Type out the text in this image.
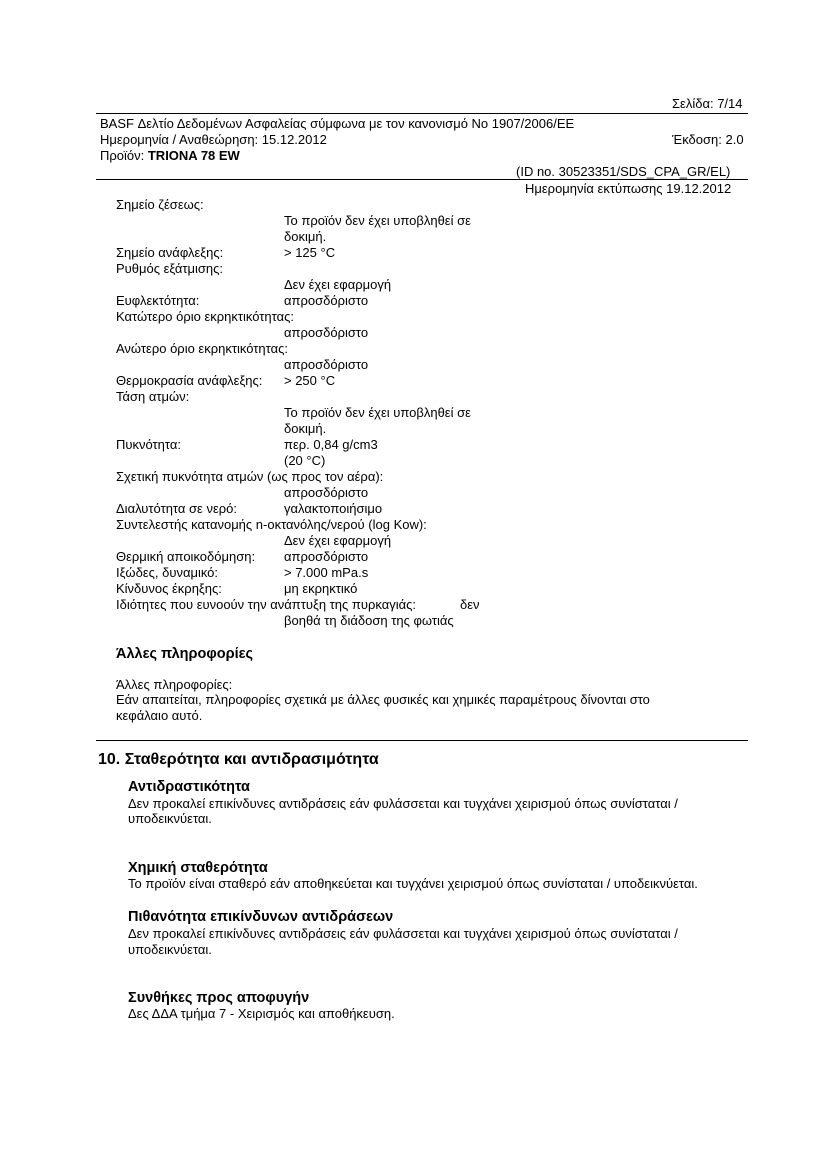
Σελίδα: 7/14
BASF Δελτίο Δεδομένων Ασφαλείας σύμφωνα με τον κανονισμό Νο 1907/2006/ΕΕ
Ημερομηνία / Αναθεώρηση: 15.12.2012	Έκδοση: 2.0
Προϊόν: TRIONA 78 EW
(ID no. 30523351/SDS_CPA_GR/EL)
Ημερομηνία εκτύπωσης 19.12.2012
Σημείο ζέσεως:
Το προϊόν δεν έχει υποβληθεί σε
δοκιμή.
Σημείο ανάφλεξης:	> 125 °C
Ρυθμός εξάτμισης:
Δεν έχει εφαρμογή
Ευφλεκτότητα:	απροσδόριστο
Κατώτερο όριο εκρηκτικότητας:
απροσδόριστο
Ανώτερο όριο εκρηκτικότητας:
απροσδόριστο
Θερμοκρασία ανάφλεξης: > 250 °C
Τάση ατμών:
Το προϊόν δεν έχει υποβληθεί σε
δοκιμή.
Πυκνότητα:	περ. 0,84 g/cm3
(20 °C)
Σχετική πυκνότητα ατμών (ως προς τον αέρα):
απροσδόριστο
Διαλυτότητα σε νερό:	γαλακτοποιήσιμο
Συντελεστής κατανομής n-οκτανόλης/νερού (log Kow):
Δεν έχει εφαρμογή
Θερμική αποικοδόμηση: απροσδόριστο
Ιξώδες, δυναμικό:	> 7.000 mPa.s
Κίνδυνος έκρηξης:	μη εκρηκτικό
Ιδιότητες που ευνοούν την ανάπτυξη της πυρκαγιάς:	δεν
βοηθά τη διάδοση της φωτιάς
Άλλες πληροφορίες
Άλλες πληροφορίες:
Εάν απαιτείται, πληροφορίες σχετικά με άλλες φυσικές και χημικές παραμέτρους δίνονται στο
κεφάλαιο αυτό.
10. Σταθερότητα και αντιδρασιμότητα
Αντιδραστικότητα
Δεν προκαλεί επικίνδυνες αντιδράσεις εάν φυλάσσεται και τυγχάνει χειρισμού όπως συνίσταται /
υποδεικνύεται.
Χημική σταθερότητα
Το προϊόν είναι σταθερό εάν αποθηκεύεται και τυγχάνει χειρισμού όπως συνίσταται / υποδεικνύεται.
Πιθανότητα επικίνδυνων αντιδράσεων
Δεν προκαλεί επικίνδυνες αντιδράσεις εάν φυλάσσεται και τυγχάνει χειρισμού όπως συνίσταται /
υποδεικνύεται.
Συνθήκες προς αποφυγήν
Δες ΔΔΑ τμήμα 7 - Χειρισμός και αποθήκευση.
